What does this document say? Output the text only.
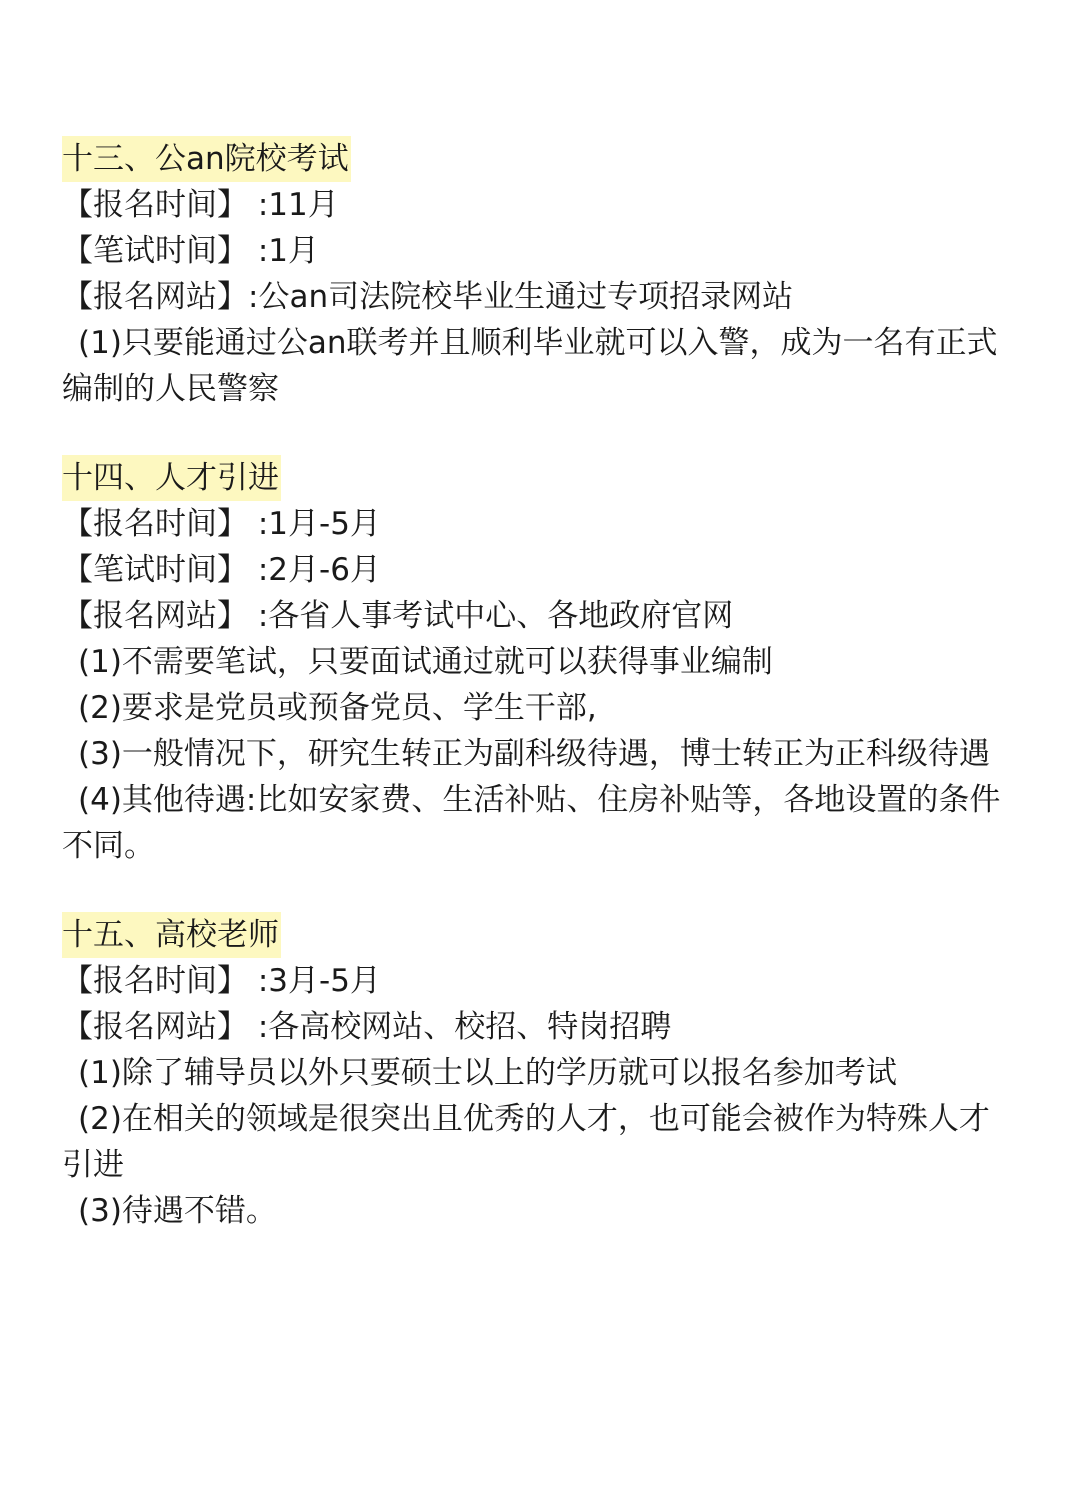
十三、公an院校考试

【报名时间】 :11月

【笔试时间】 :1月

【报名网站】:公an司法院校毕业生通过专项招录网站

(1)只要能通过公an联考并且顺利毕业就可以入警，成为一名有正式

编制的人民警察

十四、人才引进

【报名时间】 :1月-5月

【笔试时间】 :2月-6月

【报名网站】 :各省人事考试中心、各地政府官网

(1)不需要笔试，只要面试通过就可以获得事业编制

(2)要求是党员或预备党员、学生干部,

(3)一般情况下，研究生转正为副科级待遇，博士转正为正科级待遇

(4)其他待遇:比如安家费、生活补贴、住房补贴等，各地设置的条件

不同。

十五、高校老师

【报名时间】 :3月-5月

【报名网站】 :各高校网站、校招、特岗招聘

(1)除了辅导员以外只要硕士以上的学历就可以报名参加考试

(2)在相关的领域是很突出且优秀的人才，也可能会被作为特殊人才

引进

(3)待遇不错。
